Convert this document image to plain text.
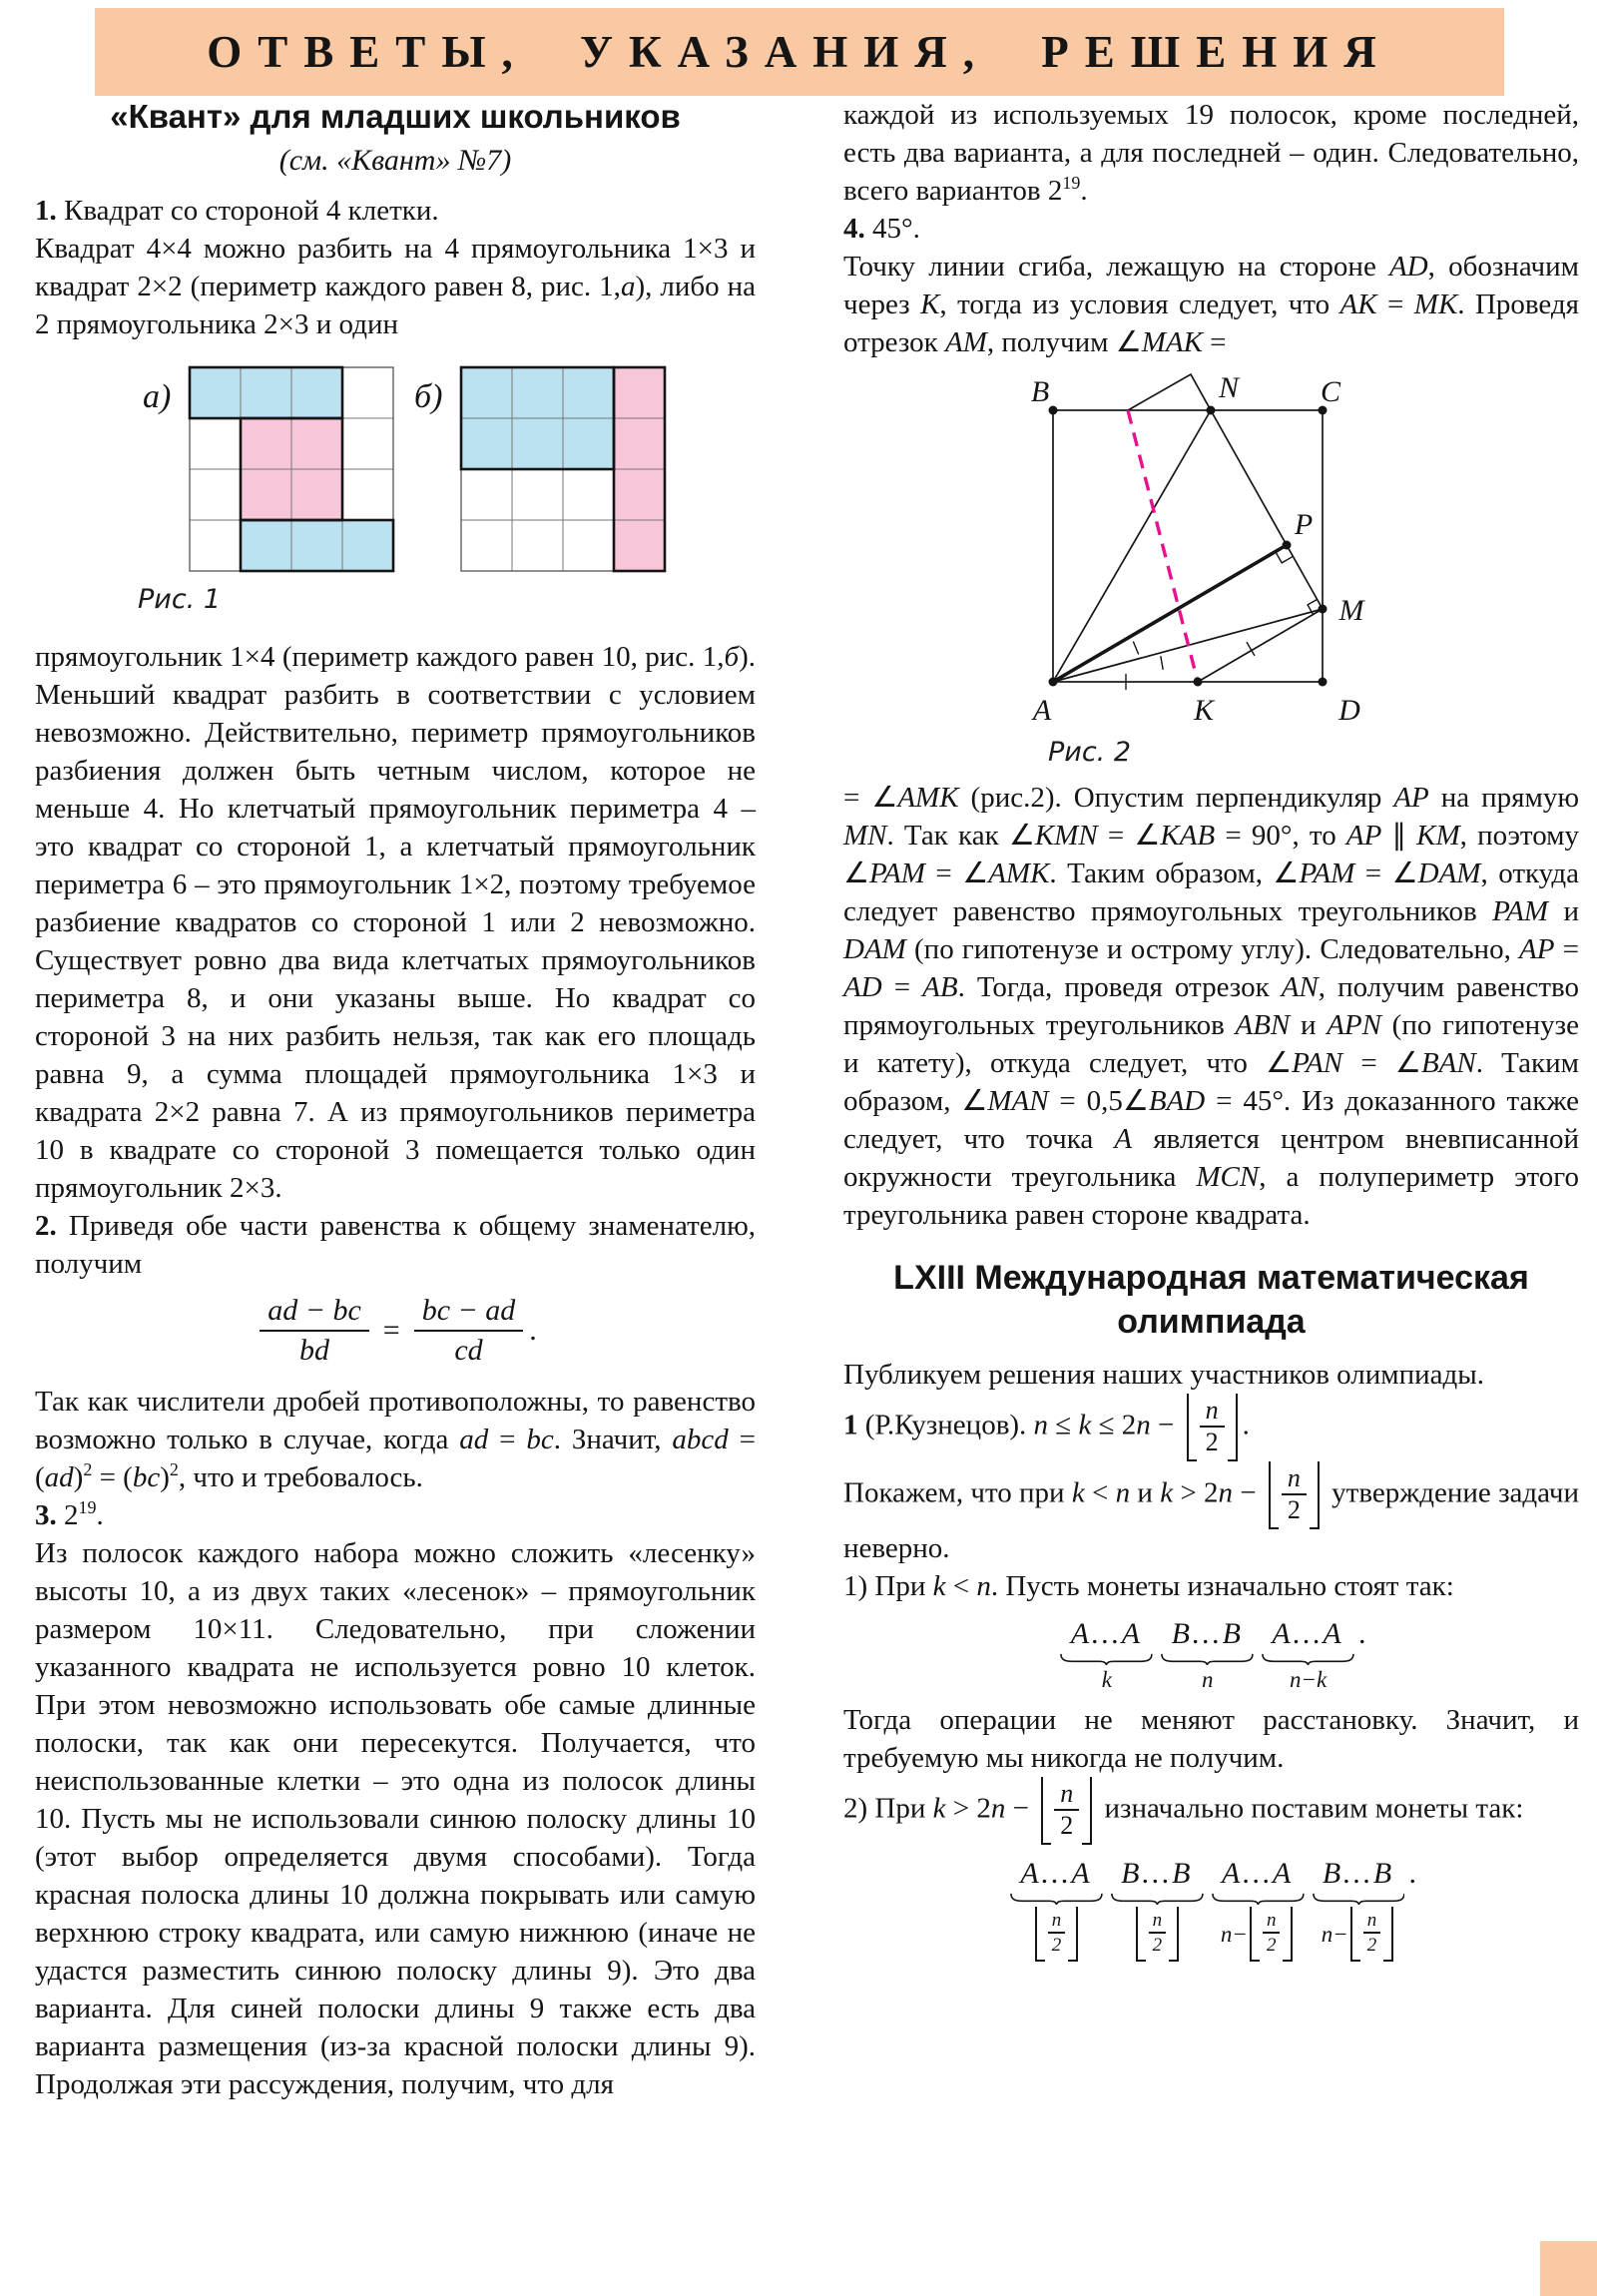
ОТВЕТЫ, УКАЗАНИЯ, РЕШЕНИЯ
«Квант» для младших школьников
(см. «Квант» №7)

1. Квадрат со стороной 4 клетки.

Квадрат 4×4 можно разбить на 4 прямоугольника 1×3 и квадрат 2×2 (периметр каждого равен 8, рис. 1,а), либо на 2 прямоугольника 2×3 и один

а)	б)
Рис. 1

прямоугольник 1×4 (периметр каждого равен 10, рис. 1,б). Меньший квадрат разбить в соответствии с условием невозможно. Действительно, периметр прямоугольников разбиения должен быть четным числом, которое не меньше 4. Но клетчатый прямоугольник периметра 4 – это квадрат со стороной 1, а клетчатый прямоугольник периметра 6 – это прямоугольник 1×2, поэтому требуемое разбиение квадратов со стороной 1 или 2 невозможно. Существует ровно два вида клетчатых прямоугольников периметра 8, и они указаны выше. Но квадрат со стороной 3 на них разбить нельзя, так как его площадь равна 9, а сумма площадей прямоугольника 1×3 и квадрата 2×2 равна 7. А из прямоугольников периметра 10 в квадрате со стороной 3 помещается только один прямоугольник 2×3.

2. Приведя обе части равенства к общему знаменателю, получим

$\frac{ad - bc}{bd} = \frac{bc - ad}{cd}$ .

Так как числители дробей противоположны, то равенство возможно только в случае, когда ad = bc. Значит, abcd = (ad)$^2$ = (bc)$^2$, что и требовалось.

3. $2^{19}$.

Из полосок каждого набора можно сложить «лесенку» высоты 10, а из двух таких «лесенок» – прямоугольник размером 10×11. Следовательно, при сложении указанного квадрата не используется ровно 10 клеток. При этом невозможно использовать обе самые длинные полоски, так как они пересекутся. Получается, что неиспользованные клетки – это одна из полосок длины 10. Пусть мы не использовали синюю полоску длины 10 (этот выбор определяется двумя способами). Тогда красная полоска длины 10 должна покрывать или самую верхнюю строку квадрата, или самую нижнюю (иначе не удастся разместить синюю полоску длины 9). Это два варианта. Для синей полоски длины 9 также есть два варианта размещения (из-за красной полоски длины 9). Продолжая эти рассуждения, получим, что для

каждой из используемых 19 полосок, кроме последней, есть два варианта, а для последней – один. Следовательно, всего вариантов $2^{19}$.

4. 45°.

Точку линии сгиба, лежащую на стороне AD, обозначим через K, тогда из условия следует, что AK = MK. Проведя отрезок AM, получим ∠MAK =

B	N	C
P
M
A	K	D
Рис. 2

= ∠AMK (рис.2). Опустим перпендикуляр AP на прямую MN. Так как ∠KMN = ∠KAB = 90°, то AP ∥ KM, поэтому ∠PAM = ∠AMK. Таким образом, ∠PAM = ∠DAM, откуда следует равенство прямоугольных треугольников PAM и DAM (по гипотенузе и острому углу). Следовательно, AP = AD = AB. Тогда, проведя отрезок AN, получим равенство прямоугольных треугольников ABN и APN (по гипотенузе и катету), откуда следует, что ∠PAN = ∠BAN. Таким образом, ∠MAN = 0,5∠BAD = 45°. Из доказанного также следует, что точка A является центром вневписанной окружности треугольника MCN, а полупериметр этого треугольника равен стороне квадрата.

LXIII Международная математическая олимпиада

Публикуем решения наших участников олимпиады.

1 (Р.Кузнецов). n ≤ k ≤ 2n − n
2
.

Покажем, что при k < n и k > 2n − n
2
утверждение задачи неверно.

1) При k < n. Пусть монеты изначально стоят так:

A…A
k
B…B
n
A…A
n−k
.

Тогда операции не меняют расстановку. Значит, и требуемую мы никогда не получим.

2) При k > 2n − n
2
изначально поставим монеты так:

A…A
n
2
B…B
n
2
A…A
n −
n
2
B…B
n −
n
2
.
